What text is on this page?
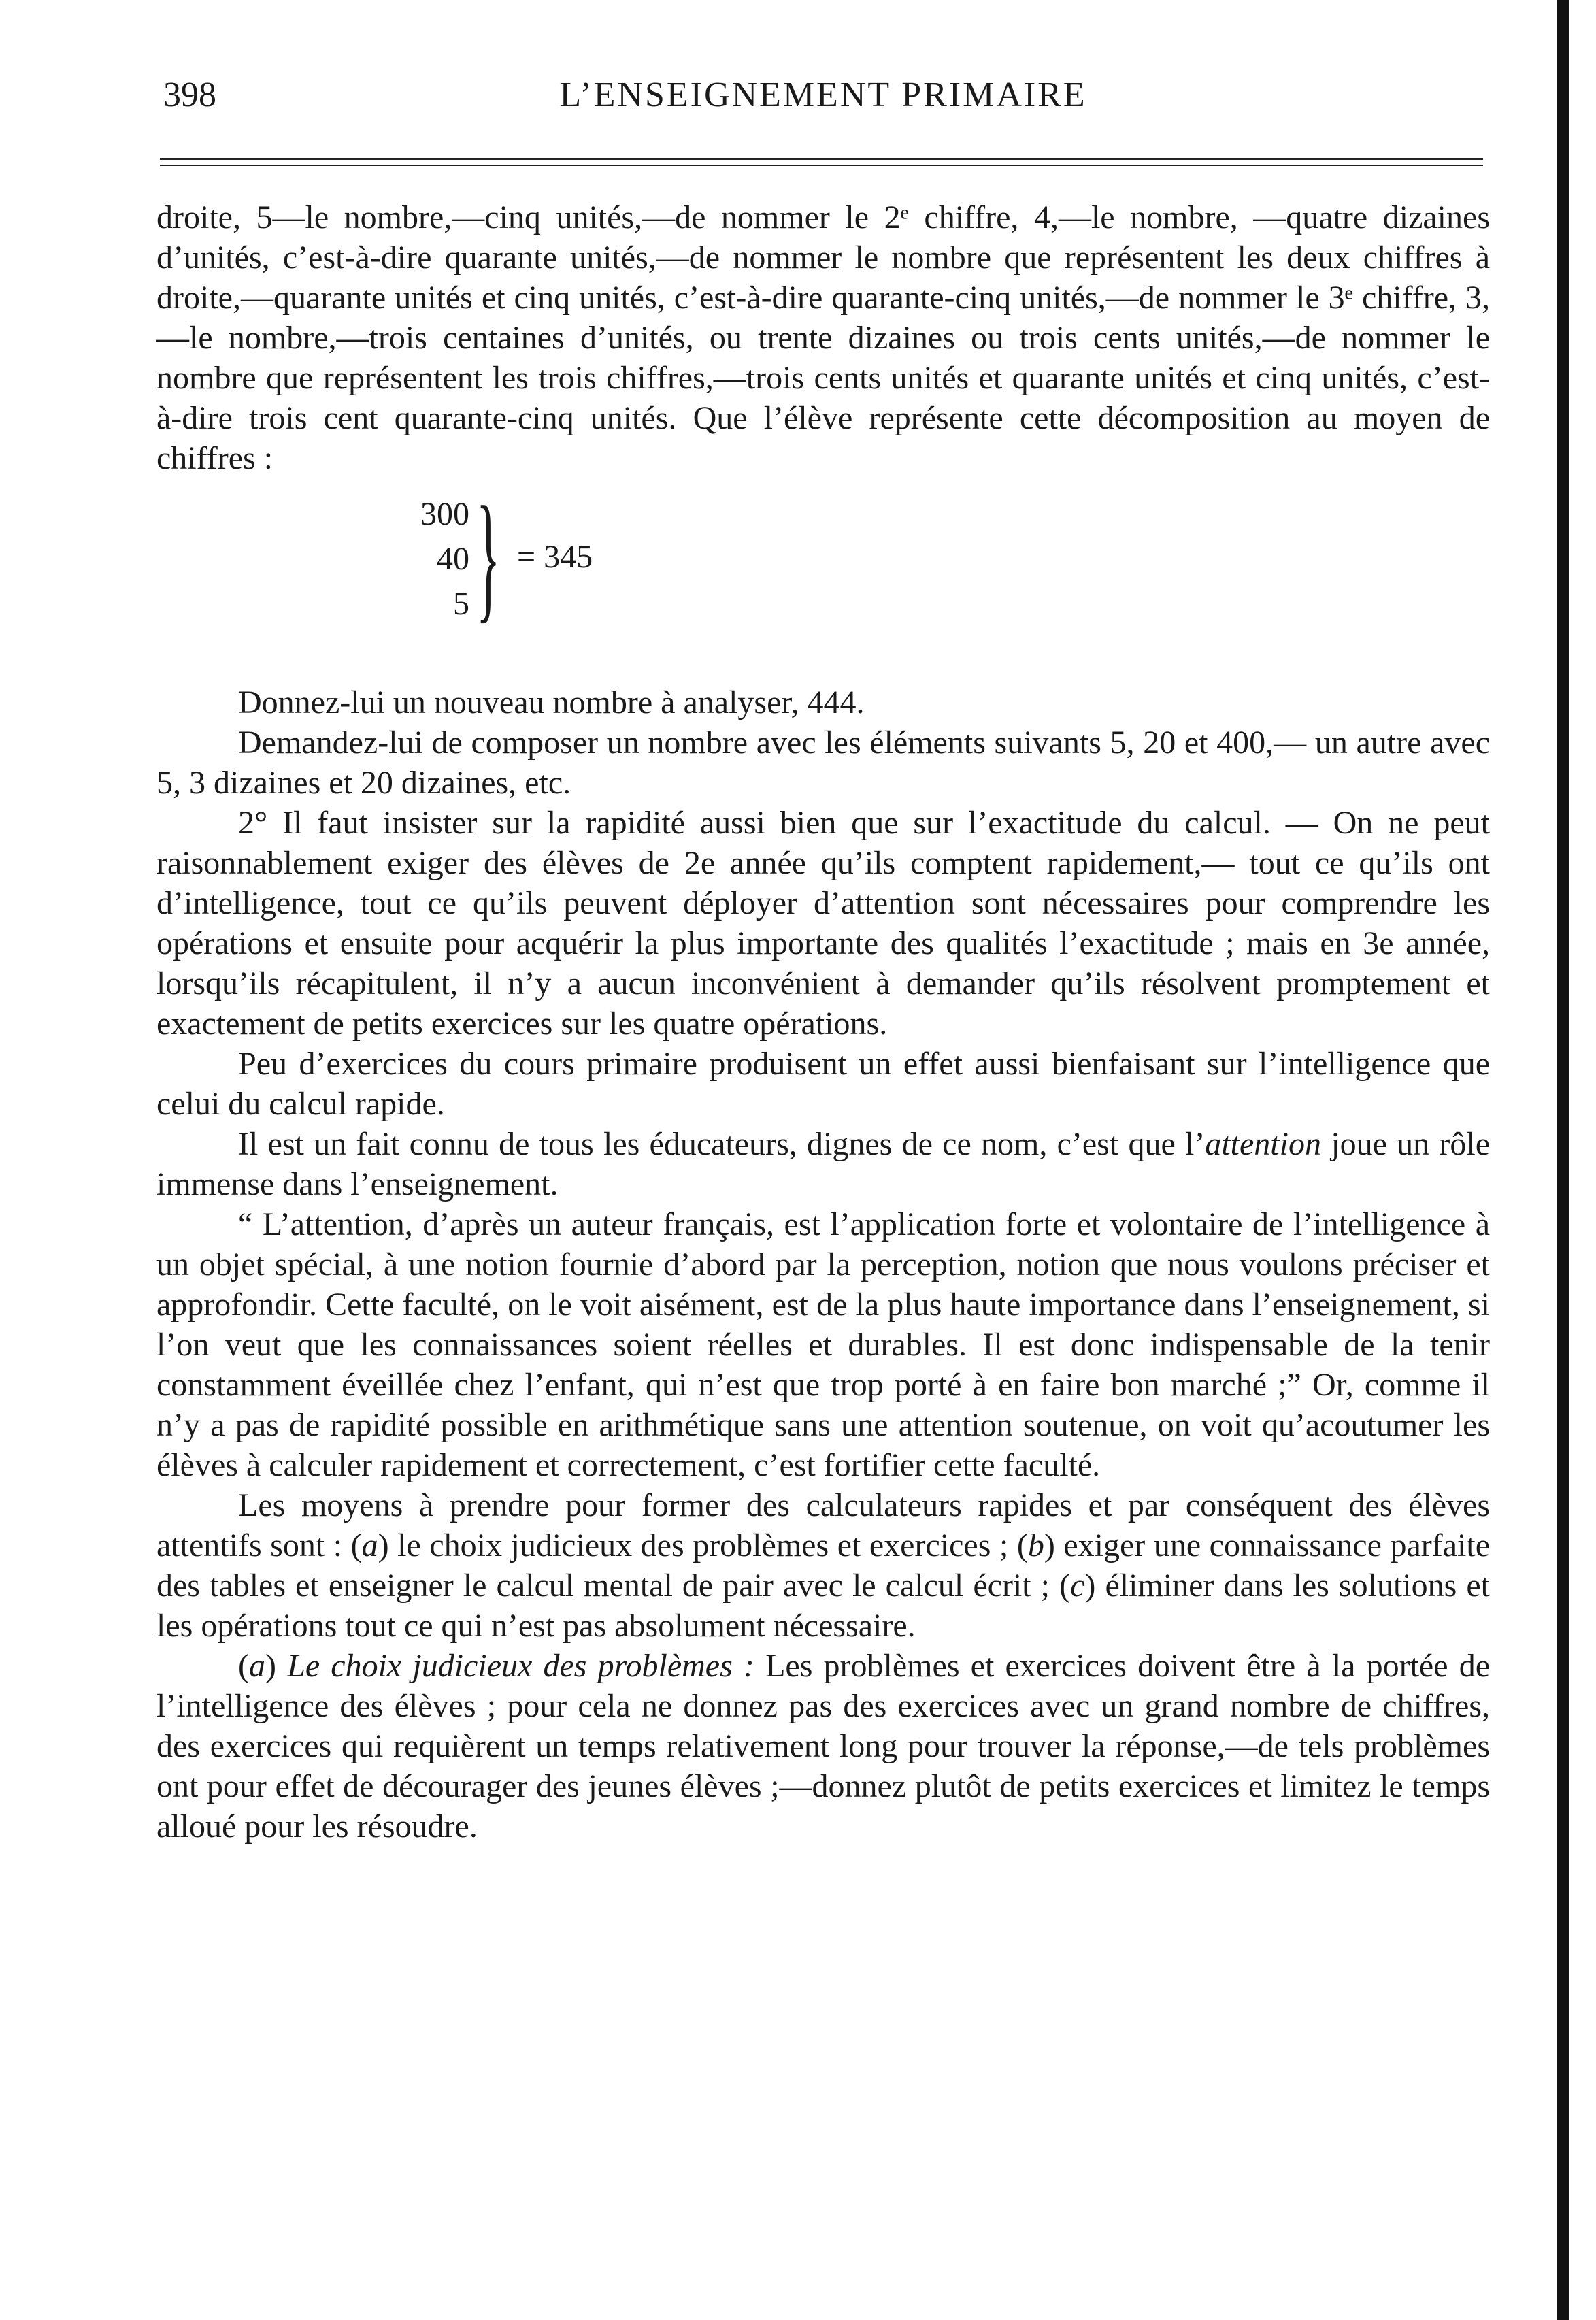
398	L’ENSEIGNEMENT PRIMAIRE

droite, 5—le nombre,—cinq unités,—de nommer le 2ᵉ chiffre, 4,—le nombre, —quatre dizaines d’unités, c’est-à-dire quarante unités,—de nommer le nombre que représentent les deux chiffres à droite,—quarante unités et cinq unités, c’est-à-dire quarante-cinq unités,—de nommer le 3ᵉ chiffre, 3,—le nombre,—trois centaines d’unités, ou trente dizaines ou trois cents unités,—de nommer le nombre que représentent les trois chiffres,—trois cents unités et quarante unités et cinq unités, c’est-à-dire trois cent quarante-cinq unités. Que l’élève représente cette décomposition au moyen de chiffres :

300
40
5 } = 345

Donnez-lui un nouveau nombre à analyser, 444.

Demandez-lui de composer un nombre avec les éléments suivants 5, 20 et 400,— un autre avec 5, 3 dizaines et 20 dizaines, etc.

2° Il faut insister sur la rapidité aussi bien que sur l’exactitude du calcul. — On ne peut raisonnablement exiger des élèves de 2e année qu’ils comptent rapidement,— tout ce qu’ils ont d’intelligence, tout ce qu’ils peuvent déployer d’attention sont nécessaires pour comprendre les opérations et ensuite pour acquérir la plus importante des qualités l’exactitude ; mais en 3e année, lorsqu’ils récapitulent, il n’y a aucun inconvénient à demander qu’ils résolvent promptement et exactement de petits exercices sur les quatre opérations.

Peu d’exercices du cours primaire produisent un effet aussi bienfaisant sur l’intelligence que celui du calcul rapide.

Il est un fait connu de tous les éducateurs, dignes de ce nom, c’est que l’attention joue un rôle immense dans l’enseignement.

“ L’attention, d’après un auteur français, est l’application forte et volontaire de l’intelligence à un objet spécial, à une notion fournie d’abord par la perception, notion que nous voulons préciser et approfondir. Cette faculté, on le voit aisément, est de la plus haute importance dans l’enseignement, si l’on veut que les connaissances soient réelles et durables. Il est donc indispensable de la tenir constamment éveillée chez l’enfant, qui n’est que trop porté à en faire bon marché ;” Or, comme il n’y a pas de rapidité possible en arithmétique sans une attention soutenue, on voit qu’acoutumer les élèves à calculer rapidement et correctement, c’est fortifier cette faculté.

Les moyens à prendre pour former des calculateurs rapides et par conséquent des élèves attentifs sont : (a) le choix judicieux des problèmes et exercices ; (b) exiger une connaissance parfaite des tables et enseigner le calcul mental de pair avec le calcul écrit ; (c) éliminer dans les solutions et les opérations tout ce qui n’est pas absolument nécessaire.

(a) Le choix judicieux des problèmes : Les problèmes et exercices doivent être à la portée de l’intelligence des élèves ; pour cela ne donnez pas des exercices avec un grand nombre de chiffres, des exercices qui requièrent un temps relativement long pour trouver la réponse,—de tels problèmes ont pour effet de décourager des jeunes élèves ;—donnez plutôt de petits exercices et limitez le temps alloué pour les résoudre.
